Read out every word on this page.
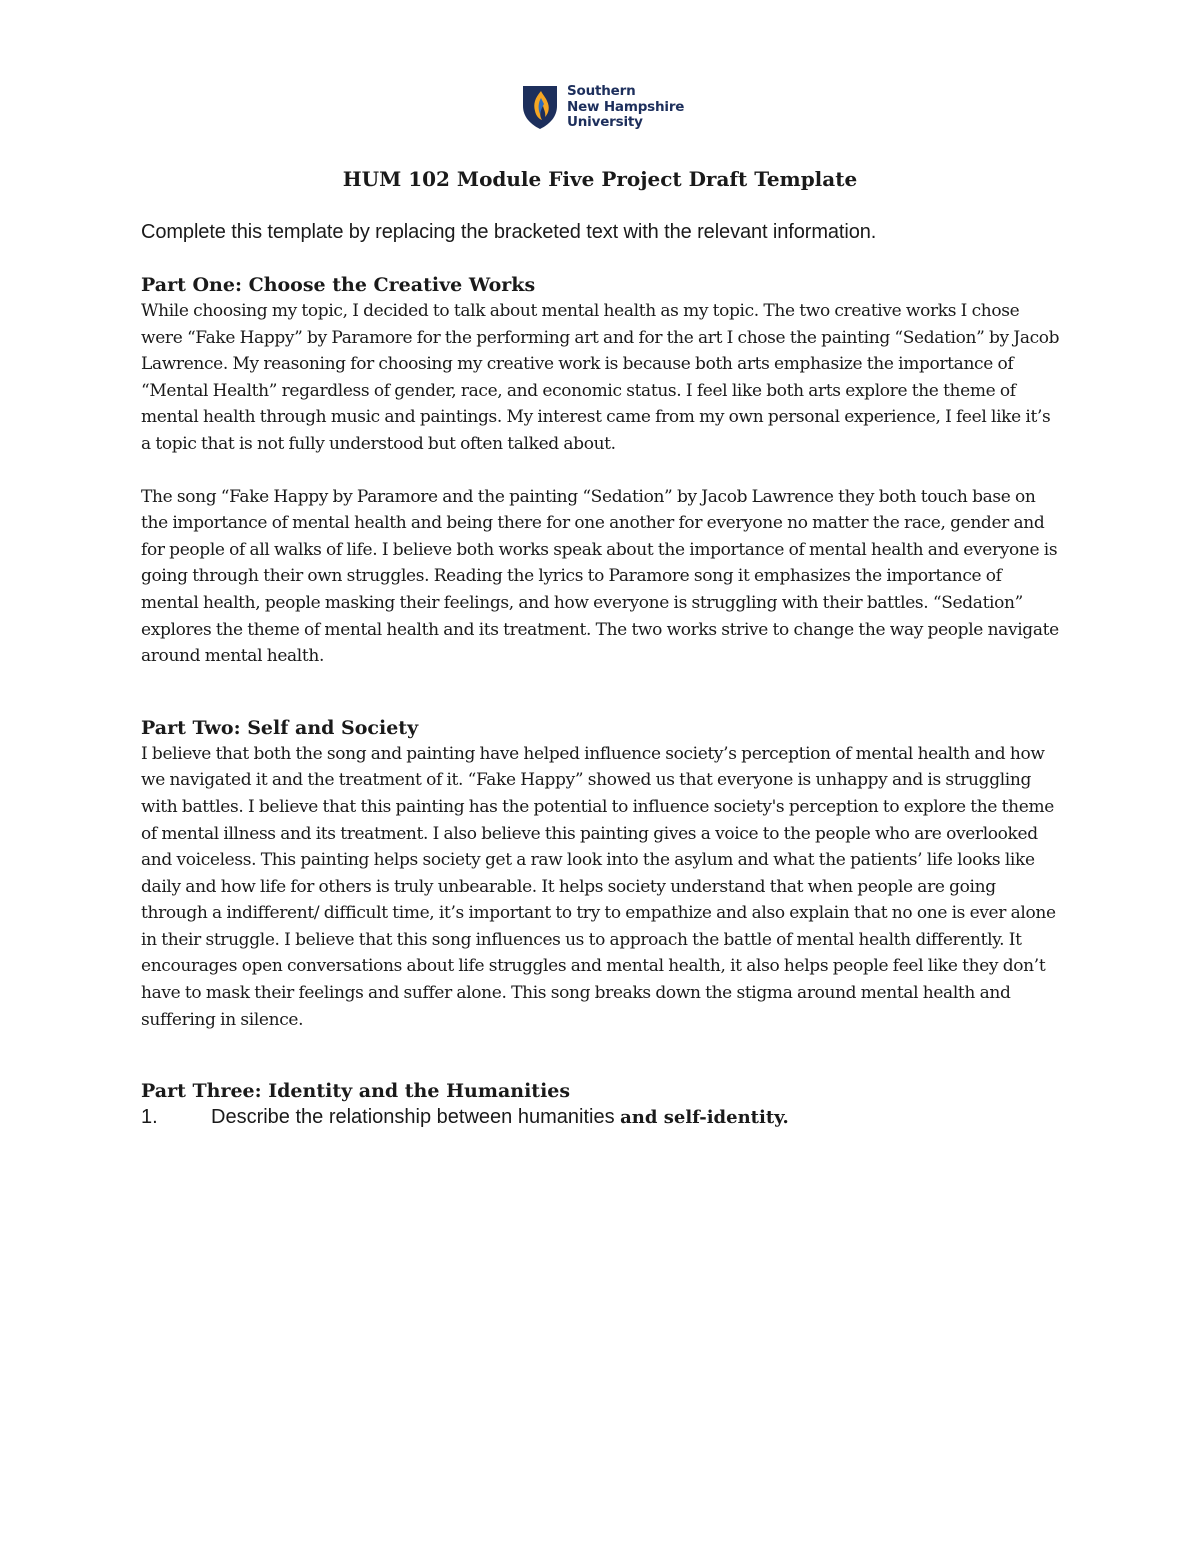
Southern
New Hampshire
University
HUM 102 Module Five Project Draft Template

Complete this template by replacing the bracketed text with the relevant information.

Part One: Choose the Creative Works

While choosing my topic, I decided to talk about mental health as my topic. The two creative works I chose were “Fake Happy” by Paramore for the performing art and for the art I chose the painting “Sedation” by Jacob Lawrence. My reasoning for choosing my creative work is because both arts emphasize the importance of “Mental Health” regardless of gender, race, and economic status. I feel like both arts explore the theme of mental health through music and paintings. My interest came from my own personal experience, I feel like it’s a topic that is not fully understood but often talked about.

The song “Fake Happy by Paramore and the painting “Sedation” by Jacob Lawrence they both touch base on the importance of mental health and being there for one another for everyone no matter the race, gender and for people of all walks of life. I believe both works speak about the importance of mental health and everyone is going through their own struggles. Reading the lyrics to Paramore song it emphasizes the importance of mental health, people masking their feelings, and how everyone is struggling with their battles. “Sedation” explores the theme of mental health and its treatment. The two works strive to change the way people navigate around mental health.

Part Two: Self and Society

I believe that both the song and painting have helped influence society’s perception of mental health and how we navigated it and the treatment of it. “Fake Happy” showed us that everyone is unhappy and is struggling with battles. I believe that this painting has the potential to influence society's perception to explore the theme of mental illness and its treatment. I also believe this painting gives a voice to the people who are overlooked and voiceless. This painting helps society get a raw look into the asylum and what the patients’ life looks like daily and how life for others is truly unbearable. It helps society understand that when people are going through a indifferent/ difficult time, it’s important to try to empathize and also explain that no one is ever alone in their struggle. I believe that this song influences us to approach the battle of mental health differently. It encourages open conversations about life struggles and mental health, it also helps people feel like they don’t have to mask their feelings and suffer alone. This song breaks down the stigma around mental health and suffering in silence.

Part Three: Identity and the Humanities
1.	Describe the relationship between humanities and self-identity.
